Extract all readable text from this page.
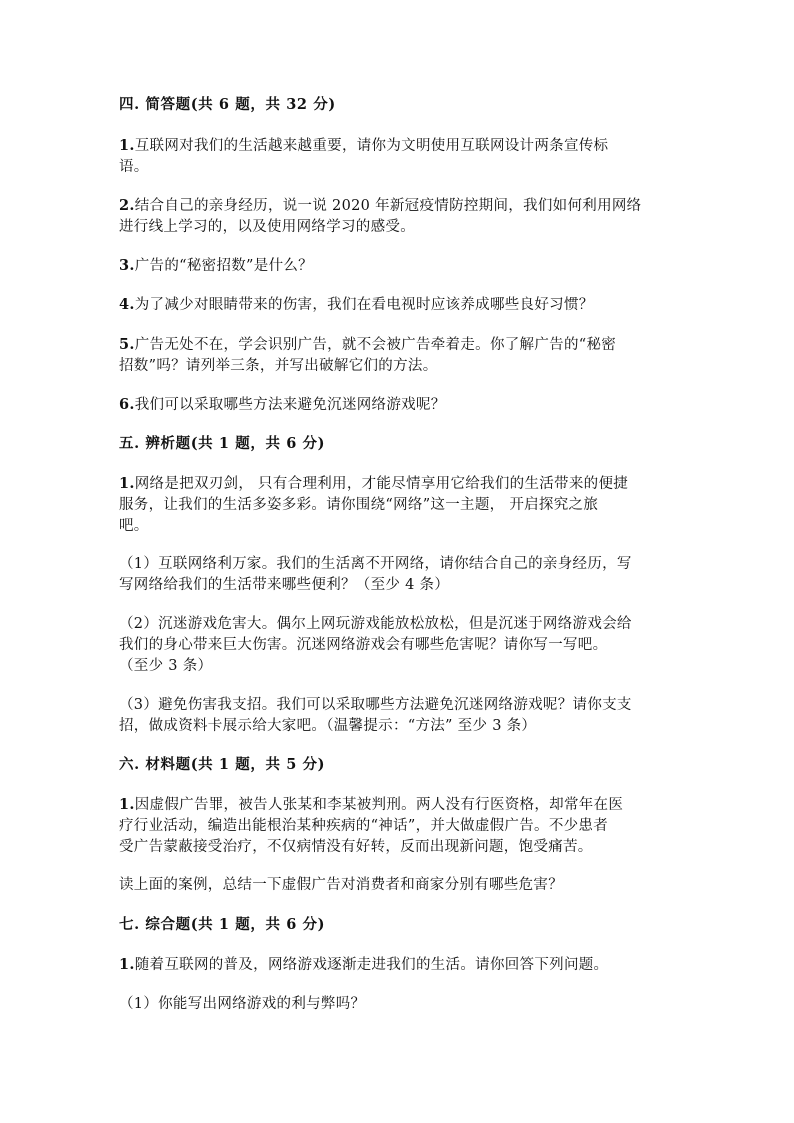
四. 简答题(共 6 题，共 32 分)
1.互联网对我们的生活越来越重要，请你为文明使用互联网设计两条宣传标
语。
2.结合自己的亲身经历，说一说 2020 年新冠疫情防控期间，我们如何利用网络
进行线上学习的，以及使用网络学习的感受。
3.广告的“秘密招数”是什么？
4.为了减少对眼睛带来的伤害，我们在看电视时应该养成哪些良好习惯？
5.广告无处不在，学会识别广告，就不会被广告牵着走。你了解广告的“秘密
招数”吗？请列举三条，并写出破解它们的方法。
6.我们可以采取哪些方法来避免沉迷网络游戏呢？
五. 辨析题(共 1 题，共 6 分)
1.网络是把双刃剑， 只有合理利用，才能尽情享用它给我们的生活带来的便捷
服务，让我们的生活多姿多彩。请你围绕“网络”这一主题， 开启探究之旅
吧。
（1）互联网络利万家。我们的生活离不开网络，请你结合自己的亲身经历，写
写网络给我们的生活带来哪些便利？（至少 4 条）
（2）沉迷游戏危害大。偶尔上网玩游戏能放松放松，但是沉迷于网络游戏会给
我们的身心带来巨大伤害。沉迷网络游戏会有哪些危害呢？请你写一写吧。
（至少 3 条）
（3）避免伤害我支招。我们可以采取哪些方法避免沉迷网络游戏呢？请你支支
招，做成资料卡展示给大家吧。（温馨提示：“方法” 至少 3 条）
六. 材料题(共 1 题，共 5 分)
1.因虚假广告罪，被告人张某和李某被判刑。两人没有行医资格，却常年在医
疗行业活动，编造出能根治某种疾病的“神话”，并大做虚假广告。不少患者
受广告蒙蔽接受治疗，不仅病情没有好转，反而出现新问题，饱受痛苦。
读上面的案例，总结一下虚假广告对消费者和商家分别有哪些危害？
七. 综合题(共 1 题，共 6 分)
1.随着互联网的普及，网络游戏逐渐走进我们的生活。请你回答下列问题。
（1）你能写出网络游戏的利与弊吗？
